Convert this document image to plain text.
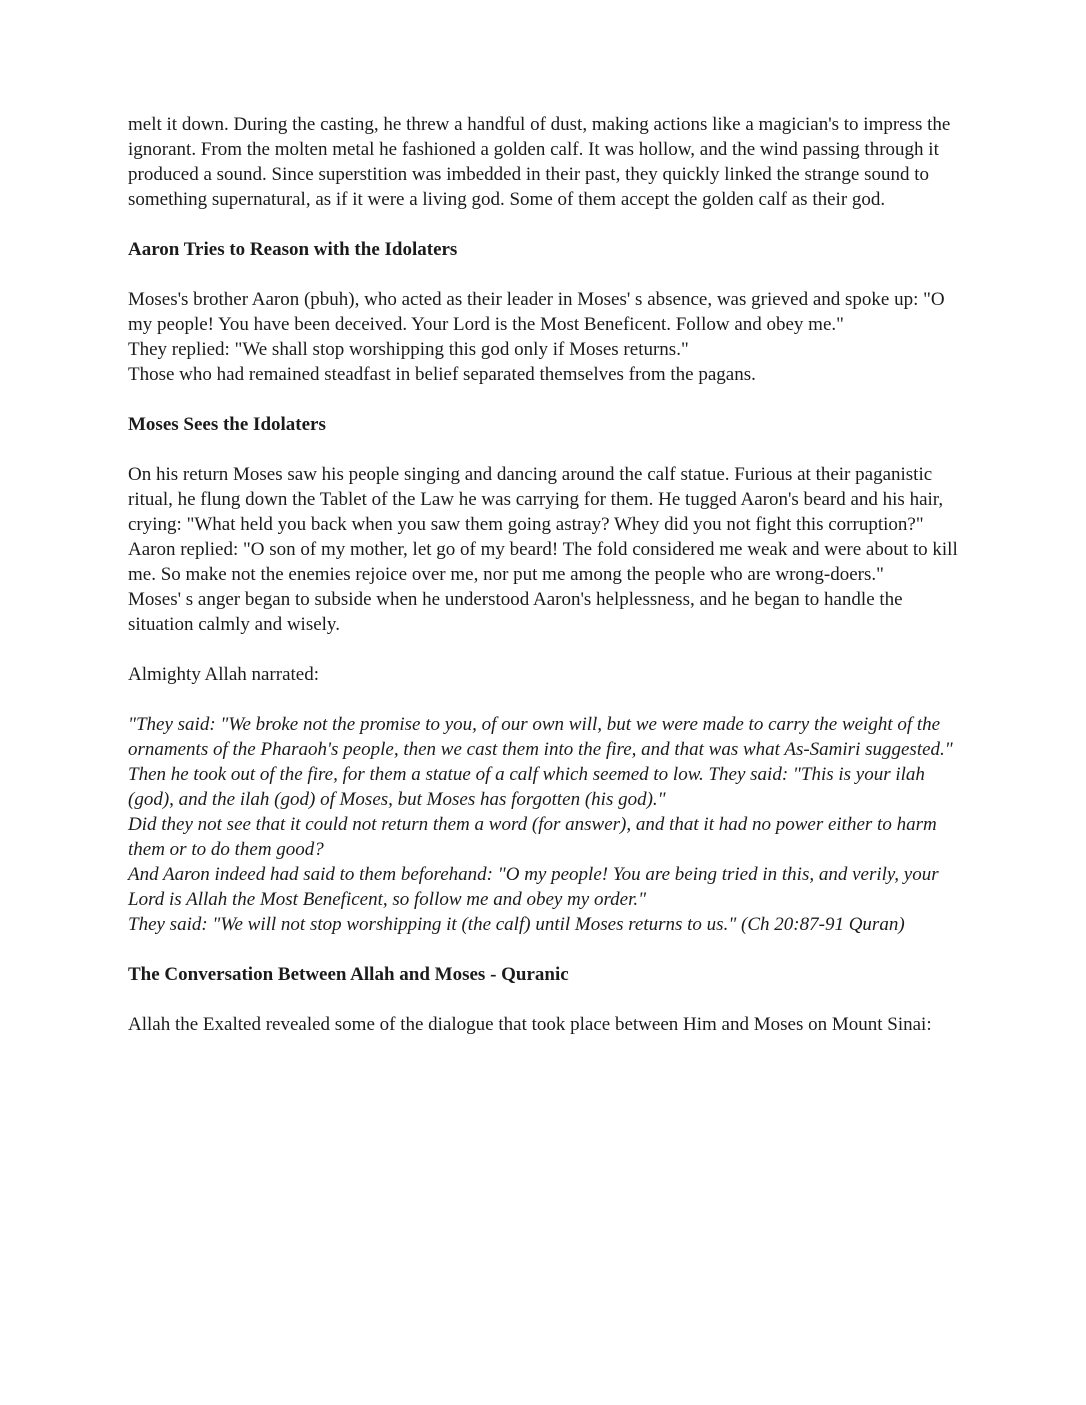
melt it down. During the casting, he threw a handful of dust, making actions like a magician's to impress the ignorant. From the molten metal he fashioned a golden calf. It was hollow, and the wind passing through it produced a sound. Since superstition was imbedded in their past, they quickly linked the strange sound to something supernatural, as if it were a living god. Some of them accept the golden calf as their god.

Aaron Tries to Reason with the Idolaters

Moses's brother Aaron (pbuh), who acted as their leader in Moses' s absence, was grieved and spoke up: "O my people! You have been deceived. Your Lord is the Most Beneficent. Follow and obey me."
They replied: "We shall stop worshipping this god only if Moses returns."
Those who had remained steadfast in belief separated themselves from the pagans.

Moses Sees the Idolaters

On his return Moses saw his people singing and dancing around the calf statue. Furious at their paganistic ritual, he flung down the Tablet of the Law he was carrying for them. He tugged Aaron's beard and his hair, crying: "What held you back when you saw them going astray? Whey did you not fight this corruption?"
Aaron replied: "O son of my mother, let go of my beard! The fold considered me weak and were about to kill me. So make not the enemies rejoice over me, nor put me among the people who are wrong-doers."
Moses' s anger began to subside when he understood Aaron's helplessness, and he began to handle the situation calmly and wisely.

Almighty Allah narrated:

"They said: "We broke not the promise to you, of our own will, but we were made to carry the weight of the ornaments of the Pharaoh's people, then we cast them into the fire, and that was what As-Samiri suggested."
Then he took out of the fire, for them a statue of a calf which seemed to low. They said: "This is your ilah (god), and the ilah (god) of Moses, but Moses has forgotten (his god)."
Did they not see that it could not return them a word (for answer), and that it had no power either to harm them or to do them good?
And Aaron indeed had said to them beforehand: "O my people! You are being tried in this, and verily, your Lord is Allah the Most Beneficent, so follow me and obey my order."
They said: "We will not stop worshipping it (the calf) until Moses returns to us." (Ch 20:87-91 Quran)

The Conversation Between Allah and Moses - Quranic

Allah the Exalted revealed some of the dialogue that took place between Him and Moses on Mount Sinai:
